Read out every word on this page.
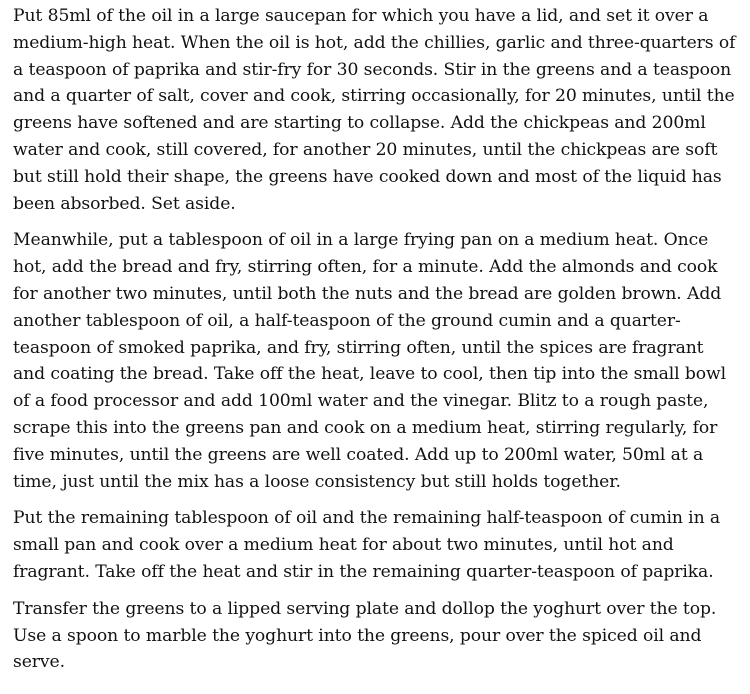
Put 85ml of the oil in a large saucepan for which you have a lid, and set it over a medium-high heat. When the oil is hot, add the chillies, garlic and three-quarters of a teaspoon of paprika and stir-fry for 30 seconds. Stir in the greens and a teaspoon and a quarter of salt, cover and cook, stirring occasionally, for 20 minutes, until the greens have softened and are starting to collapse. Add the chickpeas and 200ml water and cook, still covered, for another 20 minutes, until the chickpeas are soft but still hold their shape, the greens have cooked down and most of the liquid has been absorbed. Set aside.

Meanwhile, put a tablespoon of oil in a large frying pan on a medium heat. Once hot, add the bread and fry, stirring often, for a minute. Add the almonds and cook for another two minutes, until both the nuts and the bread are golden brown. Add another tablespoon of oil, a half-teaspoon of the ground cumin and a quarter-teaspoon of smoked paprika, and fry, stirring often, until the spices are fragrant and coating the bread. Take off the heat, leave to cool, then tip into the small bowl of a food processor and add 100ml water and the vinegar. Blitz to a rough paste, scrape this into the greens pan and cook on a medium heat, stirring regularly, for five minutes, until the greens are well coated. Add up to 200ml water, 50ml at a time, just until the mix has a loose consistency but still holds together.

Put the remaining tablespoon of oil and the remaining half-teaspoon of cumin in a small pan and cook over a medium heat for about two minutes, until hot and fragrant. Take off the heat and stir in the remaining quarter-teaspoon of paprika.

Transfer the greens to a lipped serving plate and dollop the yoghurt over the top. Use a spoon to marble the yoghurt into the greens, pour over the spiced oil and serve.
